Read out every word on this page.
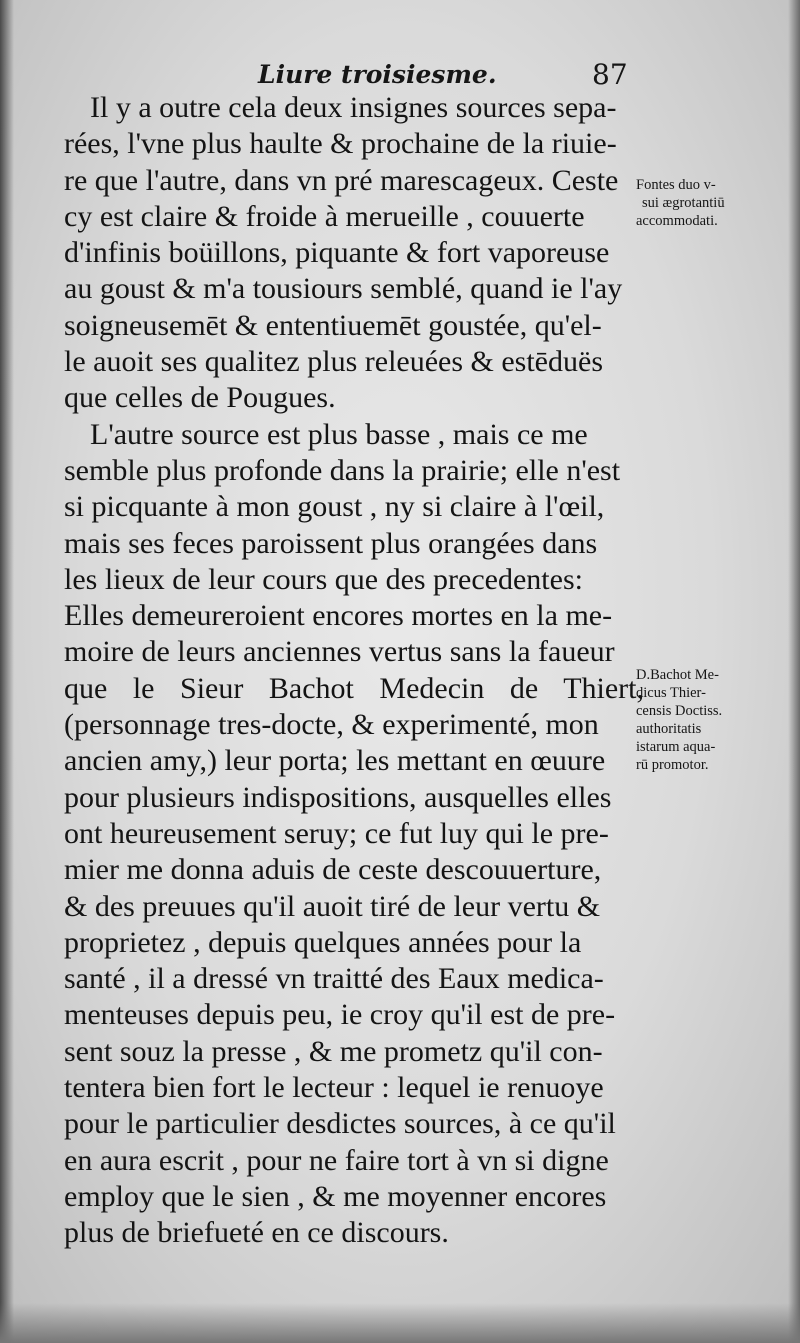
Liure troisiesme.	87
Il y a outre cela deux insignes sources sepa-
rées, l'vne plus haulte & prochaine de la riuie-
re que l'autre, dans vn pré marescageux. Ceste
cy est claire & froide à merueille , couuerte
d'infinis boüillons, piquante & fort vaporeuse
au goust & m'a tousiours semblé, quand ie l'ay
soigneusemēt & ententiuemēt goustée, qu'el-
le auoit ses qualitez plus releuées & estēduës
que celles de Pougues.
L'autre source est plus basse , mais ce me
semble plus profonde dans la prairie; elle n'est
si picquante à mon goust , ny si claire à l'œil,
mais ses feces paroissent plus orangées dans
les lieux de leur cours que des precedentes:
Elles demeureroient encores mortes en la me-
moire de leurs anciennes vertus sans la faueur
que le Sieur Bachot Medecin de Thiert,
(personnage tres-docte, & experimenté, mon
ancien amy,) leur porta; les mettant en œuure
pour plusieurs indispositions, ausquelles elles
ont heureusement seruy; ce fut luy qui le pre-
mier me donna aduis de ceste descouuerture,
& des preuues qu'il auoit tiré de leur vertu &
proprietez , depuis quelques années pour la
santé , il a dressé vn traitté des Eaux medica-
menteuses depuis peu, ie croy qu'il est de pre-
sent souz la presse , & me prometz qu'il con-
tentera bien fort le lecteur : lequel ie renuoye
pour le particulier desdictes sources, à ce qu'il
en aura escrit , pour ne faire tort à vn si digne
employ que le sien , & me moyenner encores
plus de briefueté en ce discours.
Fontes duo v-
sui ægrotantiū
accommodati.
D.Bachot Me-
dicus Thier-
censis Doctiss.
authoritatis
istarum aqua-
rū promotor.
